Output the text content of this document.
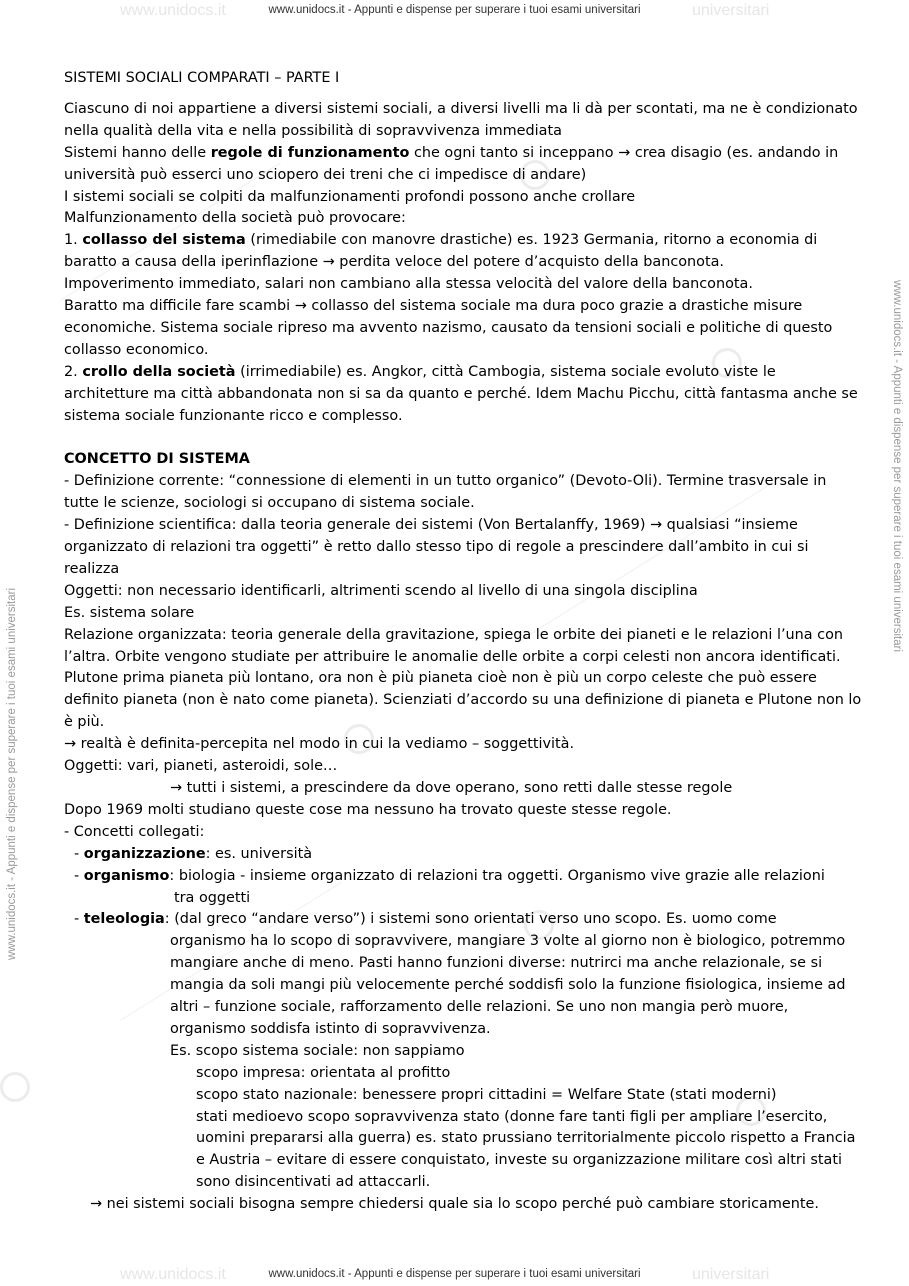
www.unidocs.it	universitari
www.unidocs.it - Appunti e dispense per superare i tuoi esami universitari
www.unidocs.it	universitari
www.unidocs.it - Appunti e dispense per superare i tuoi esami universitari
www.unidocs.it - Appunti e dispense per superare i tuoi esami universitari
www.unidocs.it - Appunti e dispense per superare i tuoi esami universitari

SISTEMI SOCIALI COMPARATI – PARTE I

Ciascuno di noi appartiene a diversi sistemi sociali, a diversi livelli ma li dà per scontati, ma ne è condizionato nella qualità della vita e nella possibilità di sopravvivenza immediata

Sistemi hanno delle regole di funzionamento che ogni tanto si inceppano → crea disagio (es. andando in università può esserci uno sciopero dei treni che ci impedisce di andare)

I sistemi sociali se colpiti da malfunzionamenti profondi possono anche crollare

Malfunzionamento della società può provocare:

1. collasso del sistema (rimediabile con manovre drastiche) es. 1923 Germania, ritorno a economia di baratto a causa della iperinflazione → perdita veloce del potere d’acquisto della banconota.

Impoverimento immediato, salari non cambiano alla stessa velocità del valore della banconota.

Baratto ma difficile fare scambi → collasso del sistema sociale ma dura poco grazie a drastiche misure economiche. Sistema sociale ripreso ma avvento nazismo, causato da tensioni sociali e politiche di questo collasso economico.

2. crollo della società (irrimediabile) es. Angkor, città Cambogia, sistema sociale evoluto viste le architetture ma città abbandonata non si sa da quanto e perché. Idem Machu Picchu, città fantasma anche se sistema sociale funzionante ricco e complesso.

CONCETTO DI SISTEMA

- Definizione corrente: “connessione di elementi in un tutto organico” (Devoto-Oli). Termine trasversale in tutte le scienze, sociologi si occupano di sistema sociale.

- Definizione scientifica: dalla teoria generale dei sistemi (Von Bertalanffy, 1969) → qualsiasi “insieme organizzato di relazioni tra oggetti” è retto dallo stesso tipo di regole a prescindere dall’ambito in cui si realizza

Oggetti: non necessario identificarli, altrimenti scendo al livello di una singola disciplina

Es. sistema solare

Relazione organizzata: teoria generale della gravitazione, spiega le orbite dei pianeti e le relazioni l’una con l’altra. Orbite vengono studiate per attribuire le anomalie delle orbite a corpi celesti non ancora identificati. Plutone prima pianeta più lontano, ora non è più pianeta cioè non è più un corpo celeste che può essere definito pianeta (non è nato come pianeta). Scienziati d’accordo su una definizione di pianeta e Plutone non lo è più.

→ realtà è definita-percepita nel modo in cui la vediamo – soggettività.

Oggetti: vari, pianeti, asteroidi, sole…

→ tutti i sistemi, a prescindere da dove operano, sono retti dalle stesse regole

Dopo 1969 molti studiano queste cose ma nessuno ha trovato queste stesse regole.

- Concetti collegati:

- organizzazione: es. università

- organismo: biologia - insieme organizzato di relazioni tra oggetti. Organismo vive grazie alle relazioni

tra oggetti

- teleologia: (dal greco “andare verso”) i sistemi sono orientati verso uno scopo. Es. uomo come

organismo ha lo scopo di sopravvivere, mangiare 3 volte al giorno non è biologico, potremmo mangiare anche di meno. Pasti hanno funzioni diverse: nutrirci ma anche relazionale, se si mangia da soli mangi più velocemente perché soddisfi solo la funzione fisiologica, insieme ad altri – funzione sociale, rafforzamento delle relazioni. Se uno non mangia però muore, organismo soddisfa istinto di sopravvivenza.

Es. scopo sistema sociale: non sappiamo

scopo impresa: orientata al profitto

scopo stato nazionale: benessere propri cittadini = Welfare State (stati moderni)

stati medioevo scopo sopravvivenza stato (donne fare tanti figli per ampliare l’esercito, uomini prepararsi alla guerra) es. stato prussiano territorialmente piccolo rispetto a Francia e Austria – evitare di essere conquistato, investe su organizzazione militare così altri stati sono disincentivati ad attaccarli.

→ nei sistemi sociali bisogna sempre chiedersi quale sia lo scopo perché può cambiare storicamente.
